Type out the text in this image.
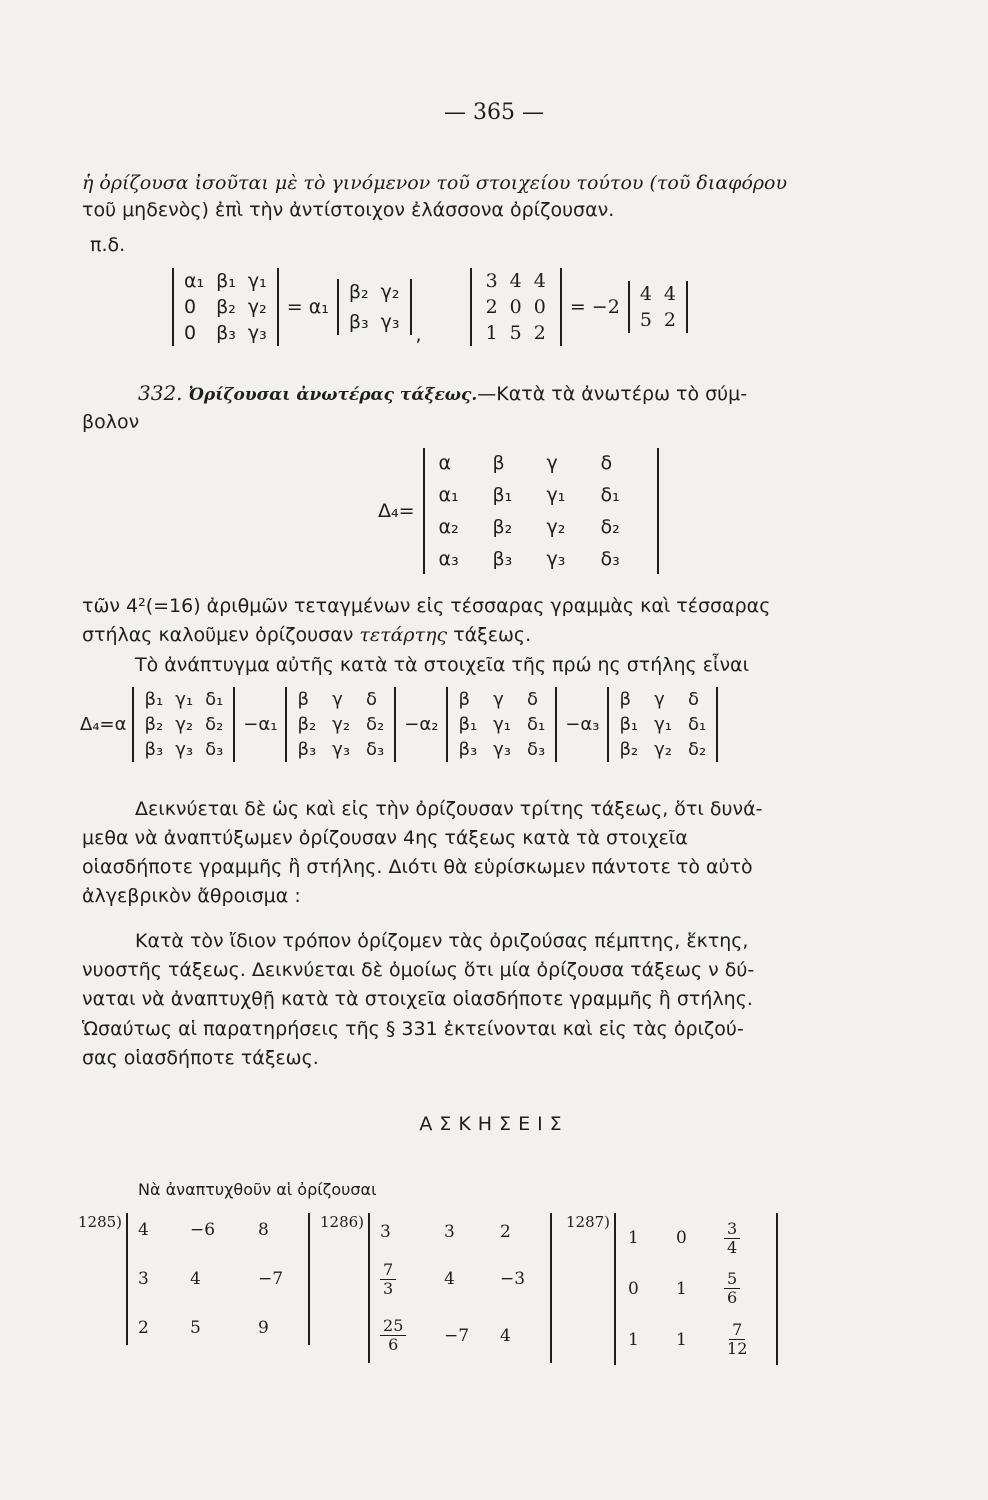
— 365 —
ἡ ὀρίζουσα ἰσοῦται μὲ τὸ γινόμενον τοῦ στοιχείου τούτου (τοῦ διαφόρου
τοῦ μηδενὸς) ἐπὶ τὴν ἀντίστοιχον ἐλάσσονα ὀρίζουσαν.
π.δ.
α₁ β₁ γ₁
0 β₂ γ₂
0 β₃ γ₃
= α₁
β₂ γ₂
β₃ γ₃
,
3 4 4
2 0 0
1 5 2
= −2
4 4
5 2
332. Ὀρίζουσαι ἀνωτέρας τάξεως.—Κατὰ τὰ ἀνωτέρω τὸ σύμ-
βολον
Δ₄=
α β γ δ
α₁ β₁ γ₁ δ₁
α₂ β₂ γ₂ δ₂
α₃ β₃ γ₃ δ₃
τῶν 4²(=16) ἀριθμῶν τεταγμένων εἰς τέσσαρας γραμμὰς καὶ τέσσαρας
στήλας καλοῦμεν ὀρίζουσαν τετάρτης τάξεως.
Τὸ ἀνάπτυγμα αὐτῆς κατὰ τὰ στοιχεῖα τῆς πρώ ης στήλης εἶναι
Δ₄=α
β₁ γ₁ δ₁
β₂ γ₂ δ₂
β₃ γ₃ δ₃
−α₁
β γ δ
β₂ γ₂ δ₂
β₃ γ₃ δ₃
−α₂
β γ δ
β₁ γ₁ δ₁
β₃ γ₃ δ₃
−α₃
β γ δ
β₁ γ₁ δ₁
β₂ γ₂ δ₂
Δεικνύεται δὲ ὡς καὶ εἰς τὴν ὀρίζουσαν τρίτης τάξεως, ὅτι δυνά-
μεθα νὰ ἀναπτύξωμεν ὀρίζουσαν 4ης τάξεως κατὰ τὰ στοιχεῖα
οἱασδήποτε γραμμῆς ἢ στήλης. Διότι θὰ εὑρίσκωμεν πάντοτε τὸ αὐτὸ
ἀλγεβρικὸν ἄθροισμα :
Κατὰ τὸν ἴδιον τρόπον ὁρίζομεν τὰς ὀριζούσας πέμπτης, ἕκτης,
νυοστῆς τάξεως. Δεικνύεται δὲ ὁμοίως ὅτι μία ὀρίζουσα τάξεως ν δύ-
ναται νὰ ἀναπτυχθῇ κατὰ τὰ στοιχεῖα οἱασδήποτε γραμμῆς ἢ στήλης.
Ὡσαύτως αἱ παρατηρήσεις τῆς § 331 ἐκτείνονται καὶ εἰς τὰς ὀριζού-
σας οἱασδήποτε τάξεως.
ΑΣΚΗΣΕΙΣ
Νὰ ἀναπτυχθοῦν αἱ ὀρίζουσαι
1285) 4 −6	8
3 4	−7
2 5	9
1286) 3	3	2
$\frac{7}{3}$	4	−3
$\frac{25}{6} -7$ 4
1287)
1 $0 \frac{3}{4}$
0 $1 \frac{5}{6}$
1 $1 \frac{7}{12}$
